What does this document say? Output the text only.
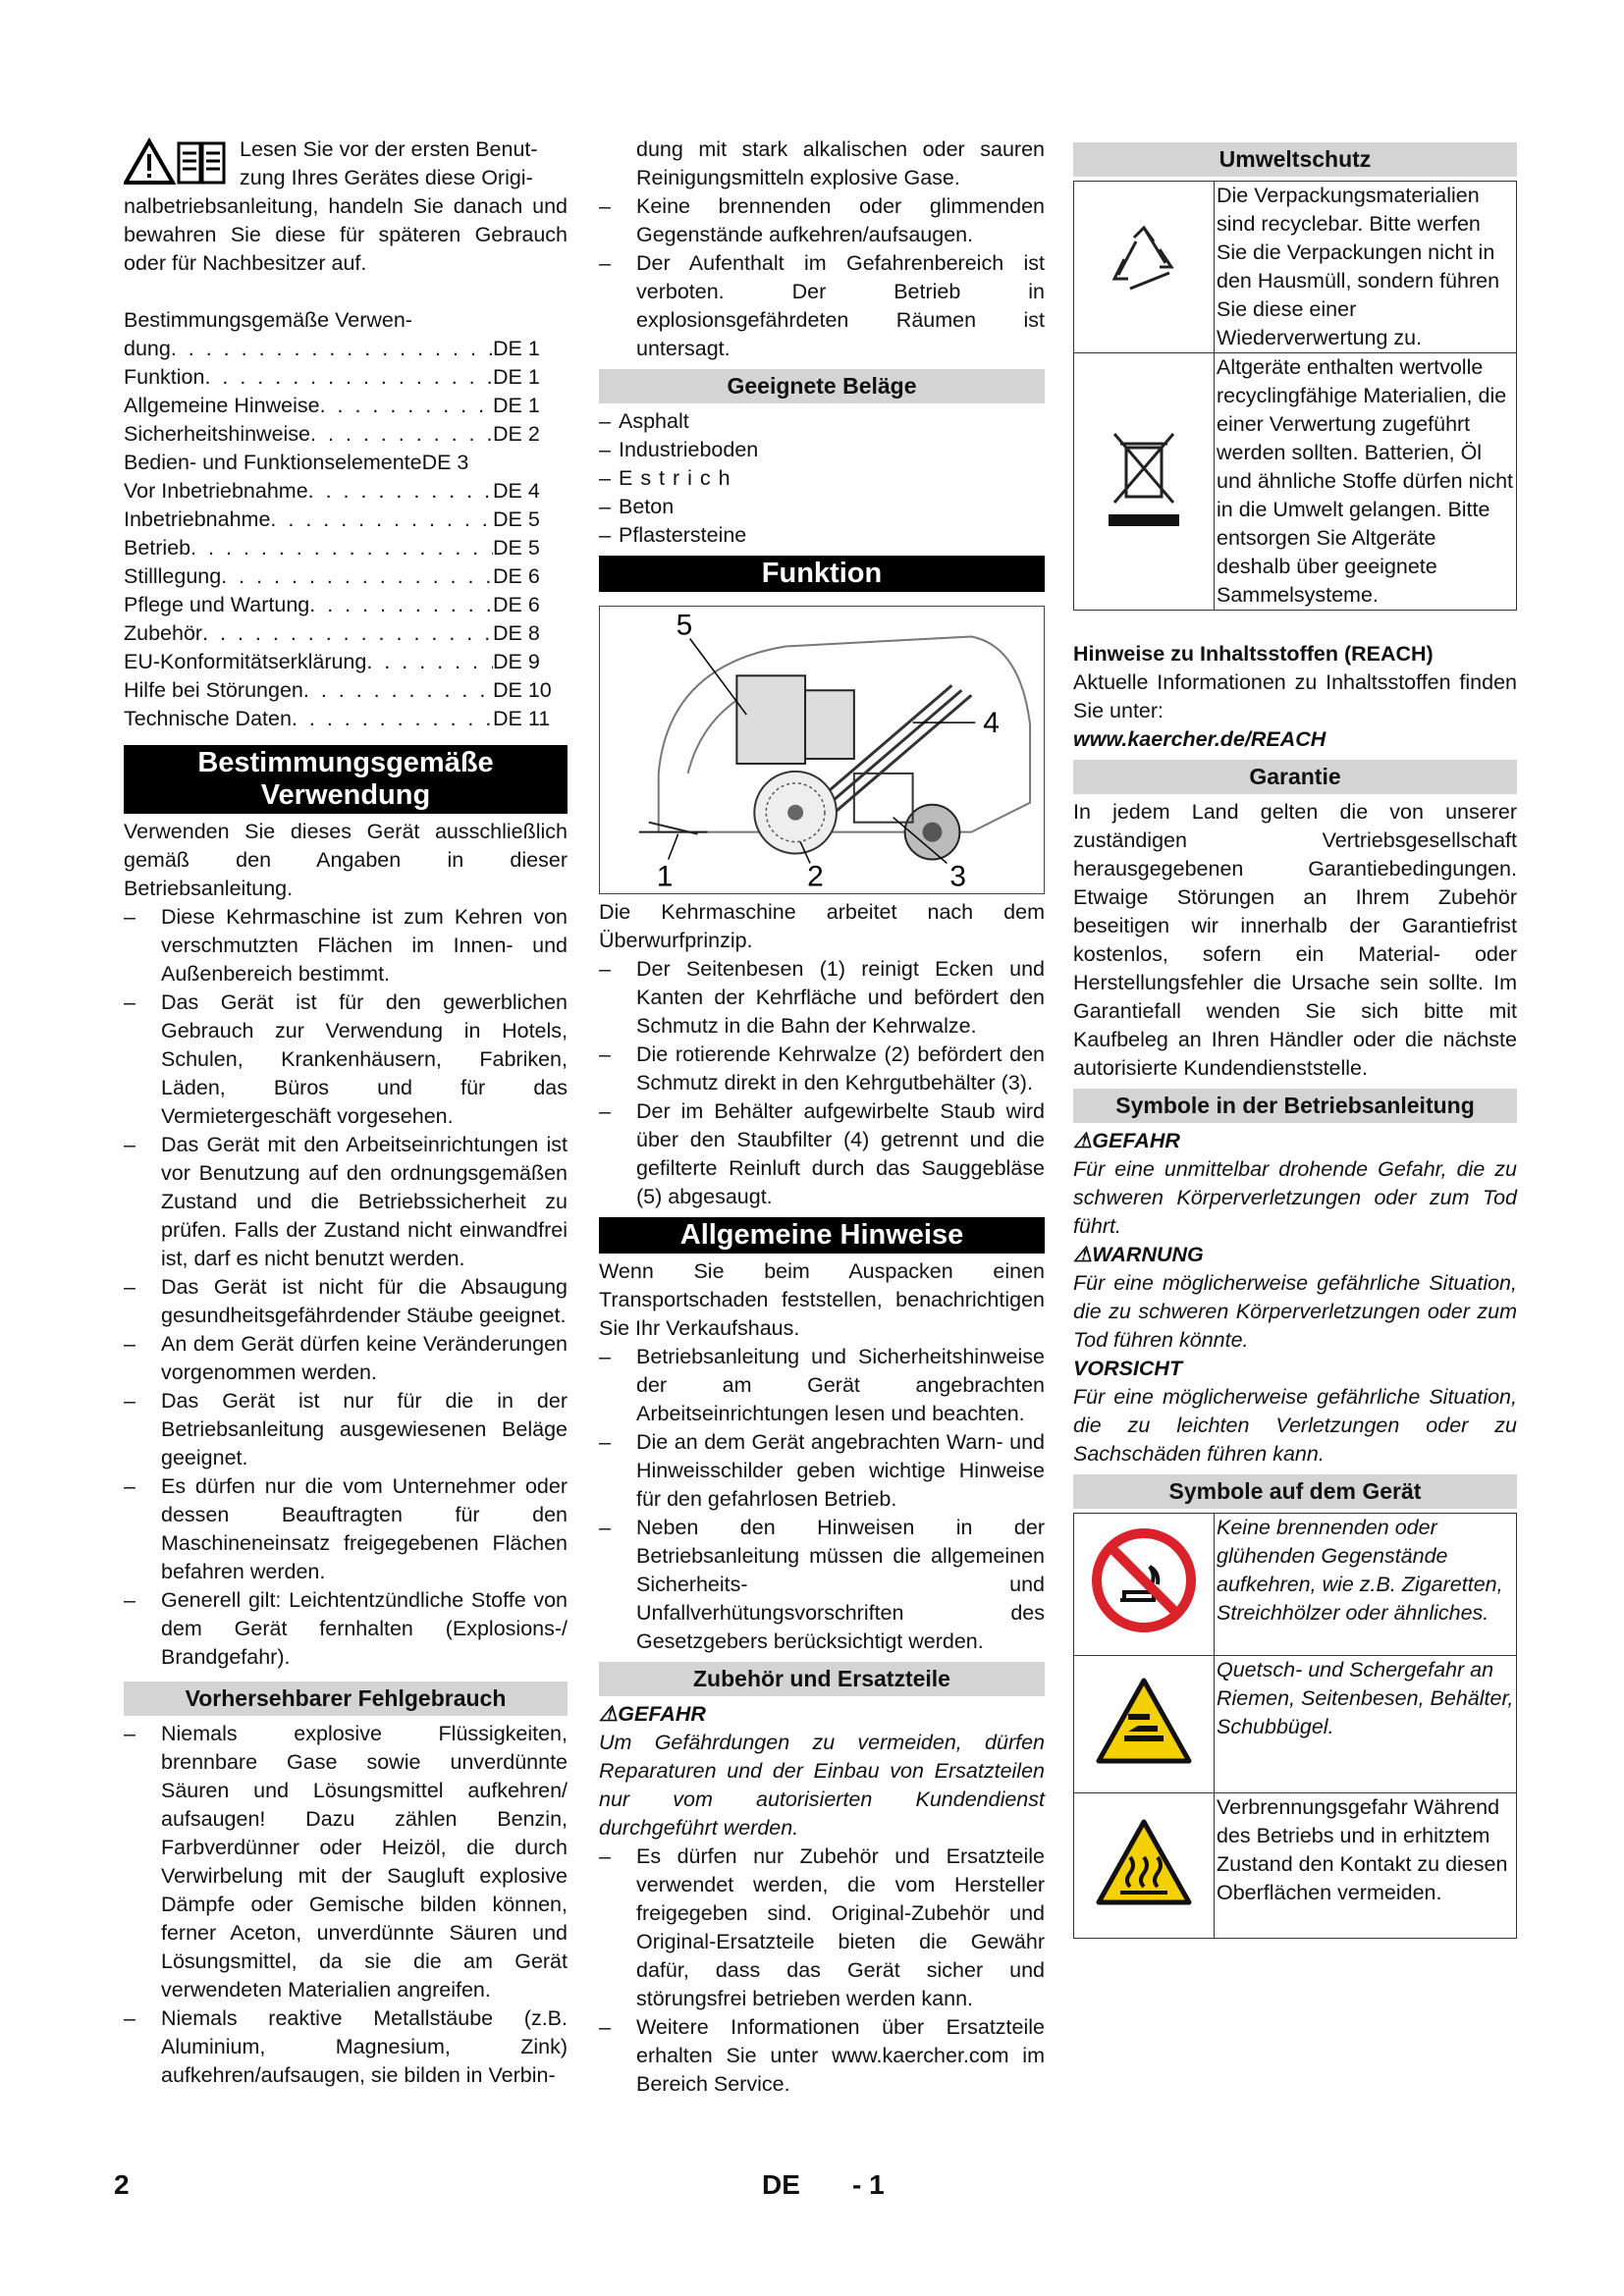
Lesen Sie vor der ersten Benut-

zung Ihres Gerätes diese Origi-

nalbetriebsanleitung, handeln Sie danach und bewahren Sie diese für späteren Gebrauch oder für Nachbesitzer auf.

Bestimmungsgemäße Verwen-
dung . . .	DE 1
Funktion . . .	DE 1
Allgemeine Hinweise . . .	DE 1
Sicherheitshinweise . . .	DE 2
Bedien- und FunktionselementeDE 3
Vor Inbetriebnahme . . .	DE 4
Inbetriebnahme . . .	DE 5
Betrieb . . .	DE 5
Stilllegung . . .	DE 6
Pflege und Wartung . . .	DE 6
Zubehör . . .	DE 8
EU-Konformitätserklärung . . .	DE 9
Hilfe bei Störungen . . .	DE 10
Technische Daten . . .	DE 11
Bestimmungsgemäße
Verwendung

Verwenden Sie dieses Gerät ausschließlich gemäß den Angaben in dieser Betriebsanleitung.

– Diese Kehrmaschine ist zum Kehren von verschmutzten Flächen im Innen- und Außenbereich bestimmt.
– Das Gerät ist für den gewerblichen Gebrauch zur Verwendung in Hotels, Schulen, Krankenhäusern, Fabriken, Läden, Büros und für das Vermietergeschäft vorgesehen.
– Das Gerät mit den Arbeitseinrichtungen ist vor Benutzung auf den ordnungsgemäßen Zustand und die Betriebssicherheit zu prüfen. Falls der Zustand nicht einwandfrei ist, darf es nicht benutzt werden.
– Das Gerät ist nicht für die Absaugung gesundheitsgefährdender Stäube geeignet.
– An dem Gerät dürfen keine Veränderungen vorgenommen werden.
– Das Gerät ist nur für die in der Betriebsanleitung ausgewiesenen Beläge geeignet.
– Es dürfen nur die vom Unternehmer oder dessen Beauftragten für den Maschineneinsatz freigegebenen Flächen befahren werden.
– Generell gilt: Leichtentzündliche Stoffe von dem Gerät fernhalten (Explosions-/ Brandgefahr).
Vorhersehbarer Fehlgebrauch
– Niemals explosive Flüssigkeiten, brennbare Gase sowie unverdünnte Säuren und Lösungsmittel aufkehren/ aufsaugen! Dazu zählen Benzin, Farbverdünner oder Heizöl, die durch Verwirbelung mit der Saugluft explosive Dämpfe oder Gemische bilden können, ferner Aceton, unverdünnte Säuren und Lösungsmittel, da sie die am Gerät verwendeten Materialien angreifen.
– Niemals reaktive Metallstäube (z.B. Aluminium, Magnesium, Zink) aufkehren/aufsaugen, sie bilden in Verbin-
dung mit stark alkalischen oder sauren Reinigungsmitteln explosive Gase.
– Keine brennenden oder glimmenden Gegenstände aufkehren/aufsaugen.
– Der Aufenthalt im Gefahrenbereich ist verboten. Der Betrieb in explosionsgefährdeten Räumen ist untersagt.
Geeignete Beläge
– Asphalt
– Industrieboden
– E s t r i c h
– Beton
– Pflastersteine
Funktion
5
4
1	2	3

Die Kehrmaschine arbeitet nach dem Überwurfprinzip.

– Der Seitenbesen (1) reinigt Ecken und Kanten der Kehrfläche und befördert den Schmutz in die Bahn der Kehrwalze.
– Die rotierende Kehrwalze (2) befördert den Schmutz direkt in den Kehrgutbehälter (3).
– Der im Behälter aufgewirbelte Staub wird über den Staubfilter (4) getrennt und die gefilterte Reinluft durch das Sauggebläse (5) abgesaugt.
Allgemeine Hinweise

Wenn Sie beim Auspacken einen Transportschaden feststellen, benachrichtigen Sie Ihr Verkaufshaus.

– Betriebsanleitung und Sicherheitshinweise der am Gerät angebrachten Arbeitseinrichtungen lesen und beachten.
– Die an dem Gerät angebrachten Warn- und Hinweisschilder geben wichtige Hinweise für den gefahrlosen Betrieb.
– Neben den Hinweisen in der Betriebsanleitung müssen die allgemeinen Sicherheits- und Unfallverhütungsvorschriften des Gesetzgebers berücksichtigt werden.
Zubehör und Ersatzteile
⚠GEFAHR

Um Gefährdungen zu vermeiden, dürfen Reparaturen und der Einbau von Ersatzteilen nur vom autorisierten Kundendienst durchgeführt werden.

– Es dürfen nur Zubehör und Ersatzteile verwendet werden, die vom Hersteller freigegeben sind. Original-Zubehör und Original-Ersatzteile bieten die Gewähr dafür, dass das Gerät sicher und störungsfrei betrieben werden kann.
– Weitere Informationen über Ersatzteile erhalten Sie unter www.kaercher.com im Bereich Service.
Umweltschutz
	Die Verpackungsmaterialien sind recyclebar. Bitte werfen Sie die Verpackungen nicht in den Hausmüll, sondern führen Sie diese einer Wiederverwertung zu.
	Altgeräte enthalten wertvolle recyclingfähige Materialien, die einer Verwertung zugeführt werden sollten. Batterien, Öl und ähnliche Stoffe dürfen nicht in die Umwelt gelangen. Bitte entsorgen Sie Altgeräte deshalb über geeignete Sammelsysteme.
Hinweise zu Inhaltsstoffen (REACH)

Aktuelle Informationen zu Inhaltsstoffen finden Sie unter:

www.kaercher.de/REACH
Garantie

In jedem Land gelten die von unserer zuständigen Vertriebsgesellschaft herausgegebenen Garantiebedingungen. Etwaige Störungen an Ihrem Zubehör beseitigen wir innerhalb der Garantiefrist kostenlos, sofern ein Material- oder Herstellungsfehler die Ursache sein sollte. Im Garantiefall wenden Sie sich bitte mit Kaufbeleg an Ihren Händler oder die nächste autorisierte Kundendienststelle.

Symbole in der Betriebsanleitung
⚠GEFAHR

Für eine unmittelbar drohende Gefahr, die zu schweren Körperverletzungen oder zum Tod führt.

⚠WARNUNG

Für eine möglicherweise gefährliche Situation, die zu schweren Körperverletzungen oder zum Tod führen könnte.

VORSICHT

Für eine möglicherweise gefährliche Situation, die zu leichten Verletzungen oder zu Sachschäden führen kann.

Symbole auf dem Gerät
	Keine brennenden oder glühenden Gegenstände aufkehren, wie z.B. Zigaretten, Streichhölzer oder ähnliches.
	Quetsch- und Schergefahr an Riemen, Seitenbesen, Behälter, Schubbügel.
	Verbrennungsgefahr Während des Betriebs und in erhitztem Zustand den Kontakt zu diesen Oberflächen vermeiden.
2	DE - 1
